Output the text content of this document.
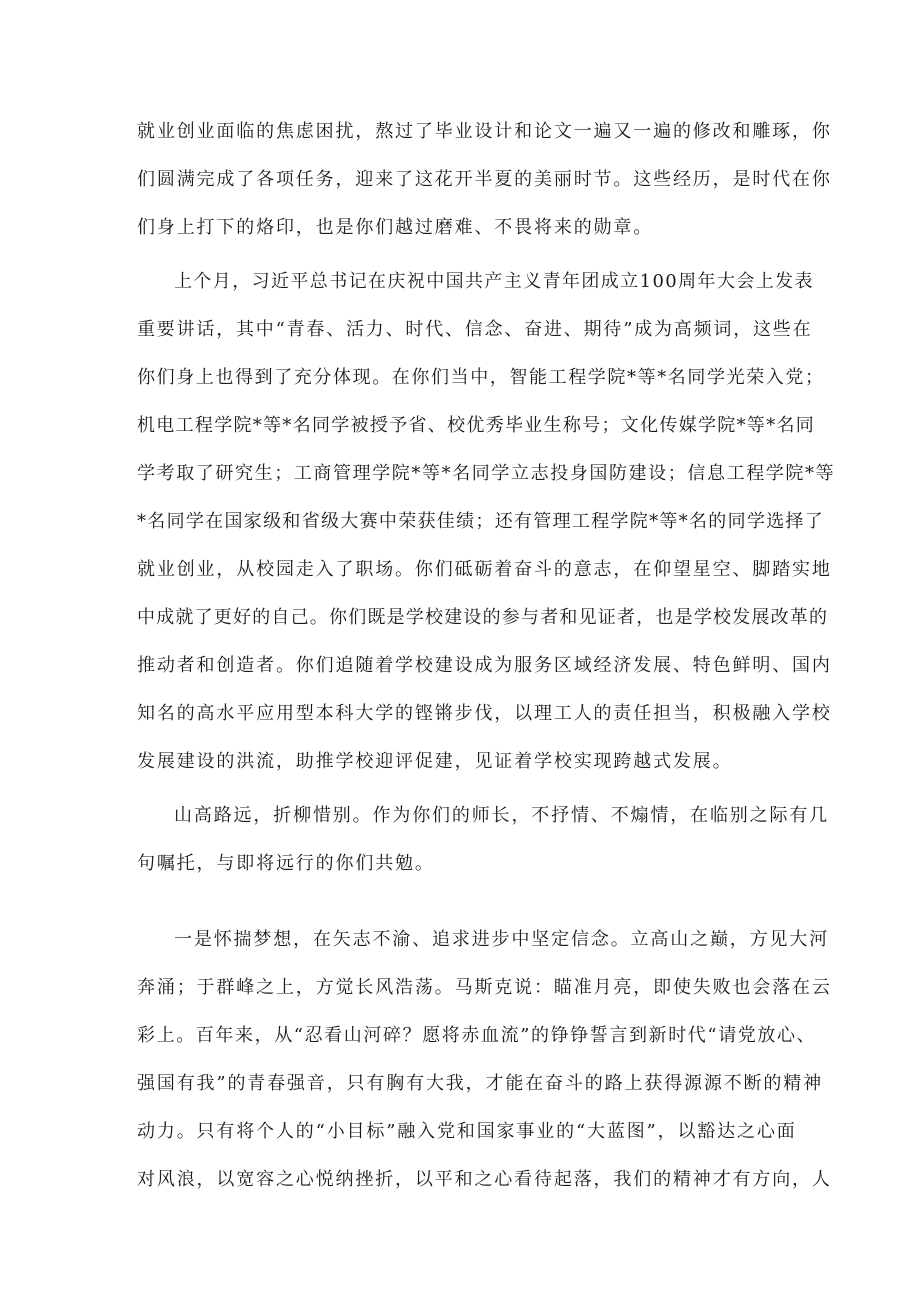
就业创业面临的焦虑困扰，熬过了毕业设计和论文一遍又一遍的修改和雕琢，你
们圆满完成了各项任务，迎来了这花开半夏的美丽时节。这些经历，是时代在你
们身上打下的烙印，也是你们越过磨难、不畏将来的勋章。
上个月，习近平总书记在庆祝中国共产主义青年团成立100周年大会上发表
重要讲话，其中“青春、活力、时代、信念、奋进、期待”成为高频词，这些在
你们身上也得到了充分体现。在你们当中，智能工程学院*等*名同学光荣入党；
机电工程学院*等*名同学被授予省、校优秀毕业生称号；文化传媒学院*等*名同
学考取了研究生；工商管理学院*等*名同学立志投身国防建设；信息工程学院*等
*名同学在国家级和省级大赛中荣获佳绩；还有管理工程学院*等*名的同学选择了
就业创业，从校园走入了职场。你们砥砺着奋斗的意志，在仰望星空、脚踏实地
中成就了更好的自己。你们既是学校建设的参与者和见证者，也是学校发展改革的
推动者和创造者。你们追随着学校建设成为服务区域经济发展、特色鲜明、国内
知名的高水平应用型本科大学的铿锵步伐，以理工人的责任担当，积极融入学校
发展建设的洪流，助推学校迎评促建，见证着学校实现跨越式发展。
山高路远，折柳惜别。作为你们的师长，不抒情、不煽情，在临别之际有几
句嘱托，与即将远行的你们共勉。
一是怀揣梦想，在矢志不渝、追求进步中坚定信念。立高山之巅，方见大河
奔涌；于群峰之上，方觉长风浩荡。马斯克说：瞄准月亮，即使失败也会落在云
彩上。百年来，从“忍看山河碎？愿将赤血流”的铮铮誓言到新时代“请党放心、
强国有我”的青春强音，只有胸有大我，才能在奋斗的路上获得源源不断的精神
动力。只有将个人的“小目标”融入党和国家事业的“大蓝图”，以豁达之心面
对风浪，以宽容之心悦纳挫折，以平和之心看待起落，我们的精神才有方向，人
